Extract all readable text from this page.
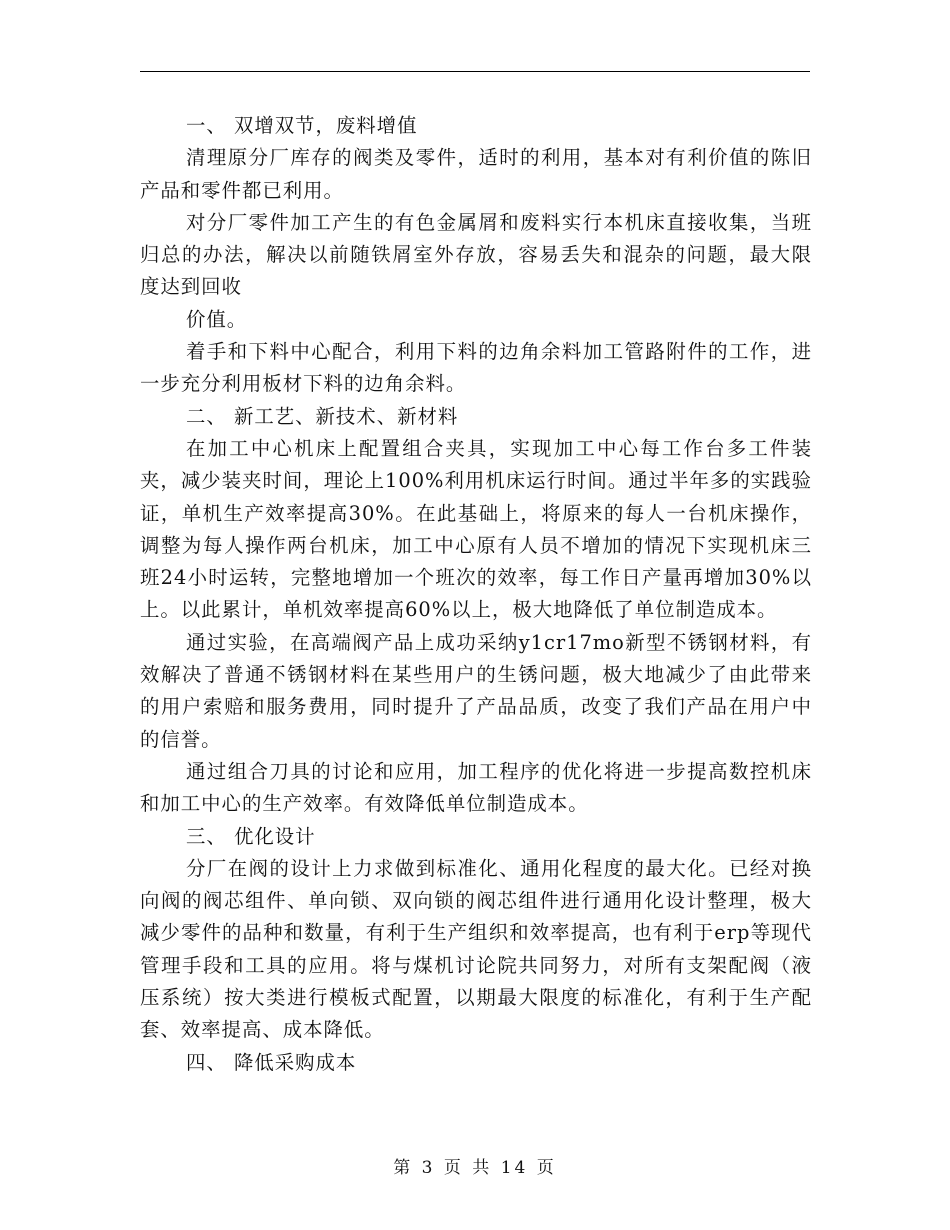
一、 双增双节，废料增值

清理原分厂库存的阀类及零件，适时的利用，基本对有利价值的陈旧产品和零件都已利用。

对分厂零件加工产生的有色金属屑和废料实行本机床直接收集，当班归总的办法，解决以前随铁屑室外存放，容易丢失和混杂的问题，最大限度达到回收

价值。

着手和下料中心配合，利用下料的边角余料加工管路附件的工作，进一步充分利用板材下料的边角余料。

二、 新工艺、新技术、新材料

在加工中心机床上配置组合夹具，实现加工中心每工作台多工件装夹，减少装夹时间，理论上100%利用机床运行时间。通过半年多的实践验证，单机生产效率提高30%。在此基础上，将原来的每人一台机床操作，调整为每人操作两台机床，加工中心原有人员不增加的情况下实现机床三班24小时运转，完整地增加一个班次的效率，每工作日产量再增加30%以上。以此累计，单机效率提高60%以上，极大地降低了单位制造成本。

通过实验，在高端阀产品上成功采纳y1cr17mo新型不锈钢材料，有效解决了普通不锈钢材料在某些用户的生锈问题，极大地减少了由此带来的用户索赔和服务费用，同时提升了产品品质，改变了我们产品在用户中的信誉。

通过组合刀具的讨论和应用，加工程序的优化将进一步提高数控机床和加工中心的生产效率。有效降低单位制造成本。

三、 优化设计

分厂在阀的设计上力求做到标准化、通用化程度的最大化。已经对换向阀的阀芯组件、单向锁、双向锁的阀芯组件进行通用化设计整理，极大减少零件的品种和数量，有利于生产组织和效率提高，也有利于erp等现代管理手段和工具的应用。将与煤机讨论院共同努力，对所有支架配阀（液压系统）按大类进行模板式配置，以期最大限度的标准化，有利于生产配套、效率提高、成本降低。

四、 降低采购成本

第 3 页 共 14 页
